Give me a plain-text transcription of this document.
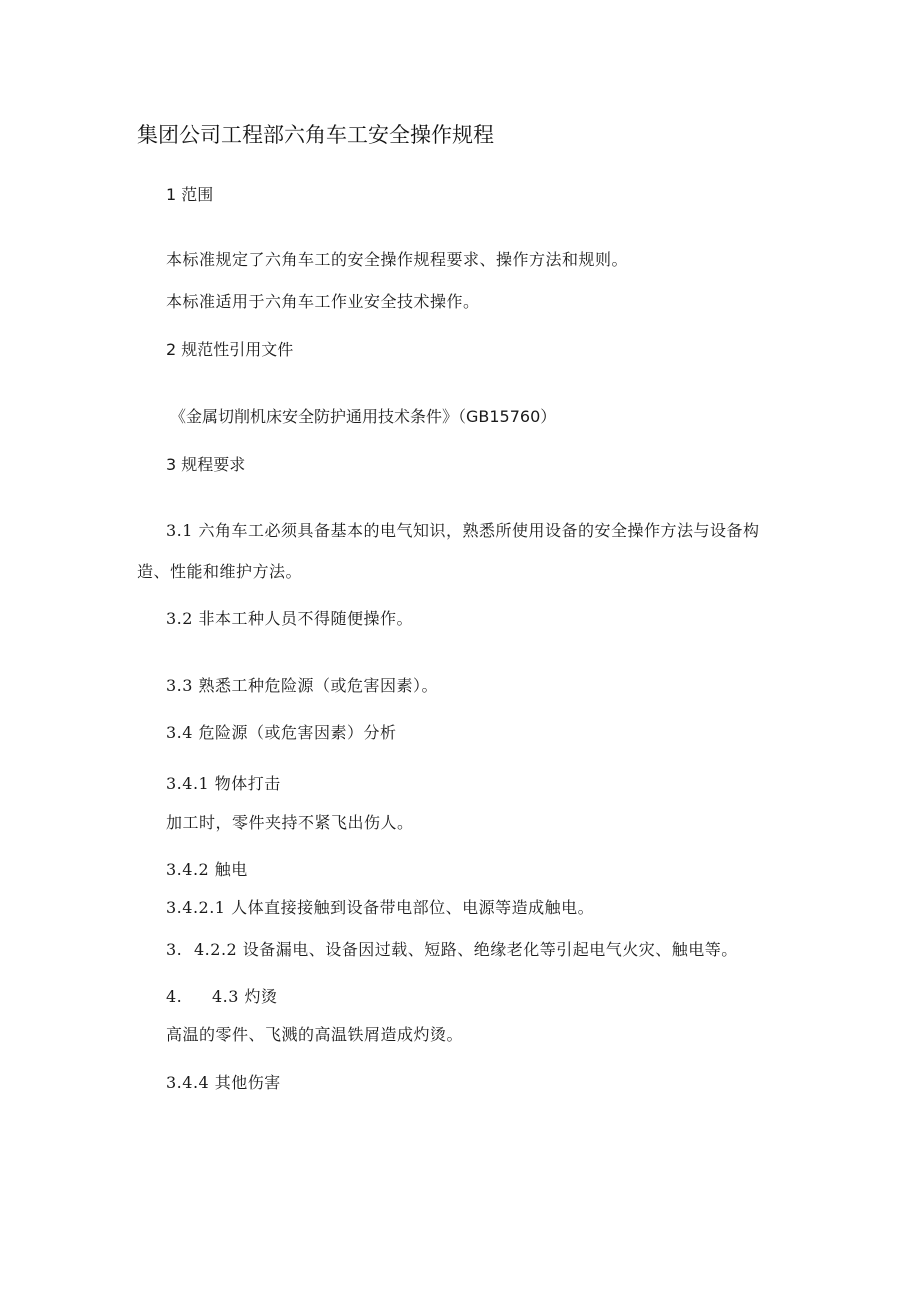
集团公司工程部六角车工安全操作规程
1 范围
本标准规定了六角车工的安全操作规程要求、操作方法和规则。
本标准适用于六角车工作业安全技术操作。
2 规范性引用文件
《金属切削机床安全防护通用技术条件》（GB15760）
3 规程要求
3.1 六角车工必须具备基本的电气知识，熟悉所使用设备的安全操作方法与设备构
造、性能和维护方法。
3.2 非本工种人员不得随便操作。
3.3 熟悉工种危险源（或危害因素）。
3.4 危险源（或危害因素）分析
3.4.1 物体打击
加工时，零件夹持不紧飞出伤人。
3.4.2 触电
3.4.2.1 人体直接接触到设备带电部位、电源等造成触电。
3. 4.2.2 设备漏电、设备因过载、短路、绝缘老化等引起电气火灾、触电等。
4. 4.3 灼烫
高温的零件、飞溅的高温铁屑造成灼烫。
3.4.4 其他伤害
